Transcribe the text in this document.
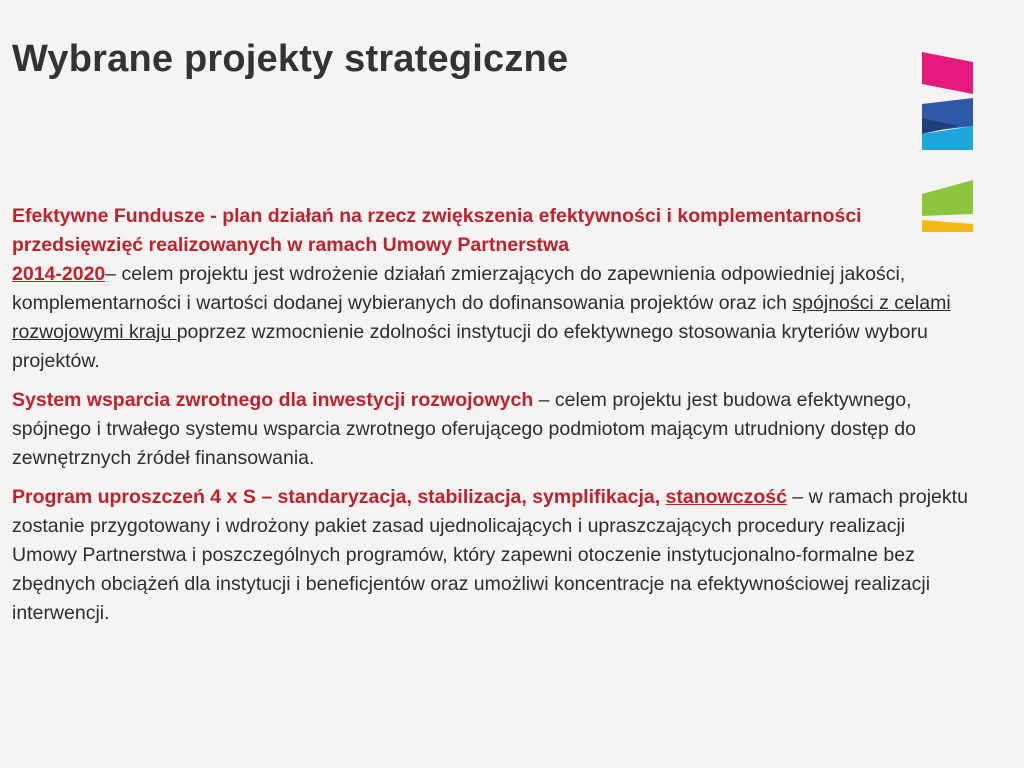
Wybrane projekty strategiczne

Efektywne Fundusze - plan działań na rzecz zwiększenia efektywności i komplementarności przedsięwzięć realizowanych w ramach Umowy Partnerstwa
2014-2020– celem projektu jest wdrożenie działań zmierzających do zapewnienia odpowiedniej jakości, komplementarności i wartości dodanej wybieranych do dofinansowania projektów oraz ich spójności z celami rozwojowymi kraju poprzez wzmocnienie zdolności instytucji do efektywnego stosowania kryteriów wyboru projektów.

System wsparcia zwrotnego dla inwestycji rozwojowych – celem projektu jest budowa efektywnego, spójnego i trwałego systemu wsparcia zwrotnego oferującego podmiotom mającym utrudniony dostęp do zewnętrznych źródeł finansowania.

Program uproszczeń 4 x S – standaryzacja, stabilizacja, symplifikacja, stanowczość – w ramach projektu zostanie przygotowany i wdrożony pakiet zasad ujednolicających i upraszczających procedury realizacji Umowy Partnerstwa i poszczególnych programów, który zapewni otoczenie instytucjonalno-formalne bez zbędnych obciążeń dla instytucji i beneficjentów oraz umożliwi koncentracje na efektywnościowej realizacji interwencji.
